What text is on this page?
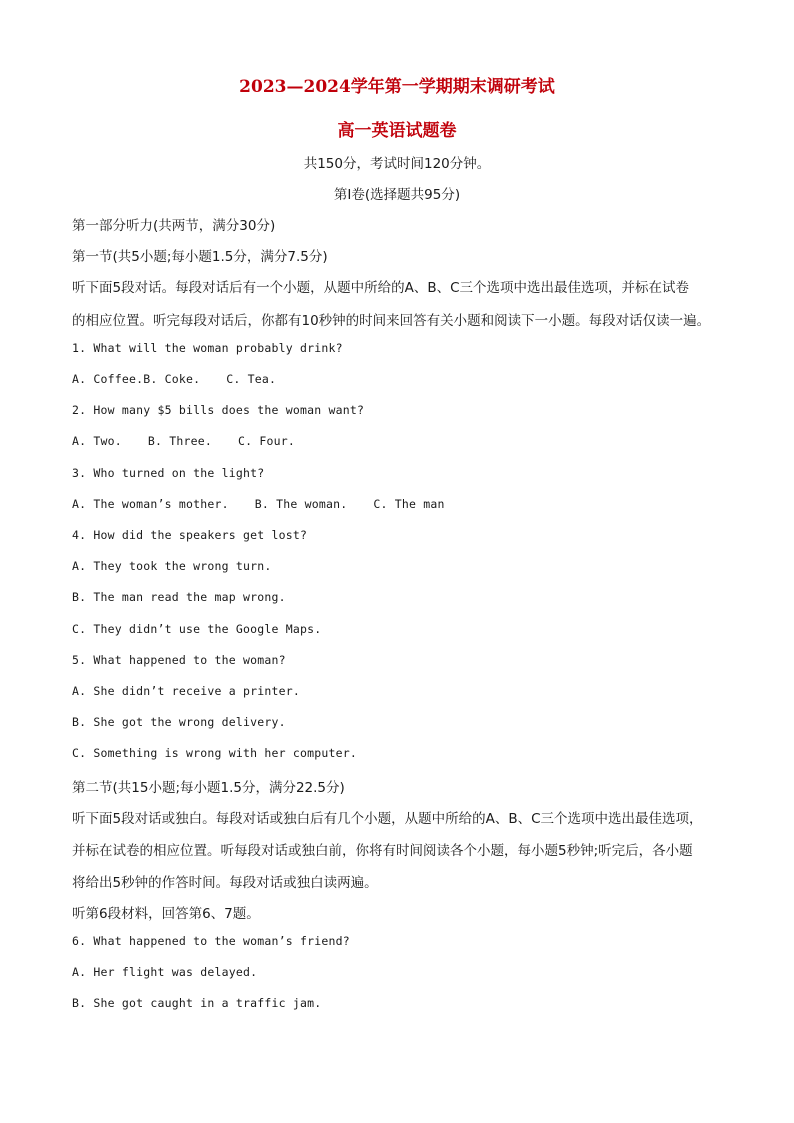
2023—2024学年第一学期期末调研考试
高一英语试题卷
共150分，考试时间120分钟。
第Ⅰ卷(选择题共95分)
第一部分听力(共两节，满分30分)
第一节(共5小题;每小题1.5分，满分7.5分)
听下面5段对话。每段对话后有一个小题，从题中所给的A、B、C三个选项中选出最佳选项，并标在试卷
的相应位置。听完每段对话后，你都有10秒钟的时间来回答有关小题和阅读下一小题。每段对话仅读一遍。
1. What will the woman probably drink?
A. Coffee.B. Coke. C. Tea.
2. How many $5 bills does the woman want?
A. Two. B. Three. C. Four.
3. Who turned on the light?
A. The woman’s mother. B. The woman. C. The man
4. How did the speakers get lost?
A. They took the wrong turn.
B. The man read the map wrong.
C. They didn’t use the Google Maps.
5. What happened to the woman?
A. She didn’t receive a printer.
B. She got the wrong delivery.
C. Something is wrong with her computer.
第二节(共15小题;每小题1.5分，满分22.5分)
听下面5段对话或独白。每段对话或独白后有几个小题，从题中所给的A、B、C三个选项中选出最佳选项，
并标在试卷的相应位置。听每段对话或独白前，你将有时间阅读各个小题，每小题5秒钟;听完后，各小题
将给出5秒钟的作答时间。每段对话或独白读两遍。
听第6段材料，回答第6、7题。
6. What happened to the woman’s friend?
A. Her flight was delayed.
B. She got caught in a traffic jam.
